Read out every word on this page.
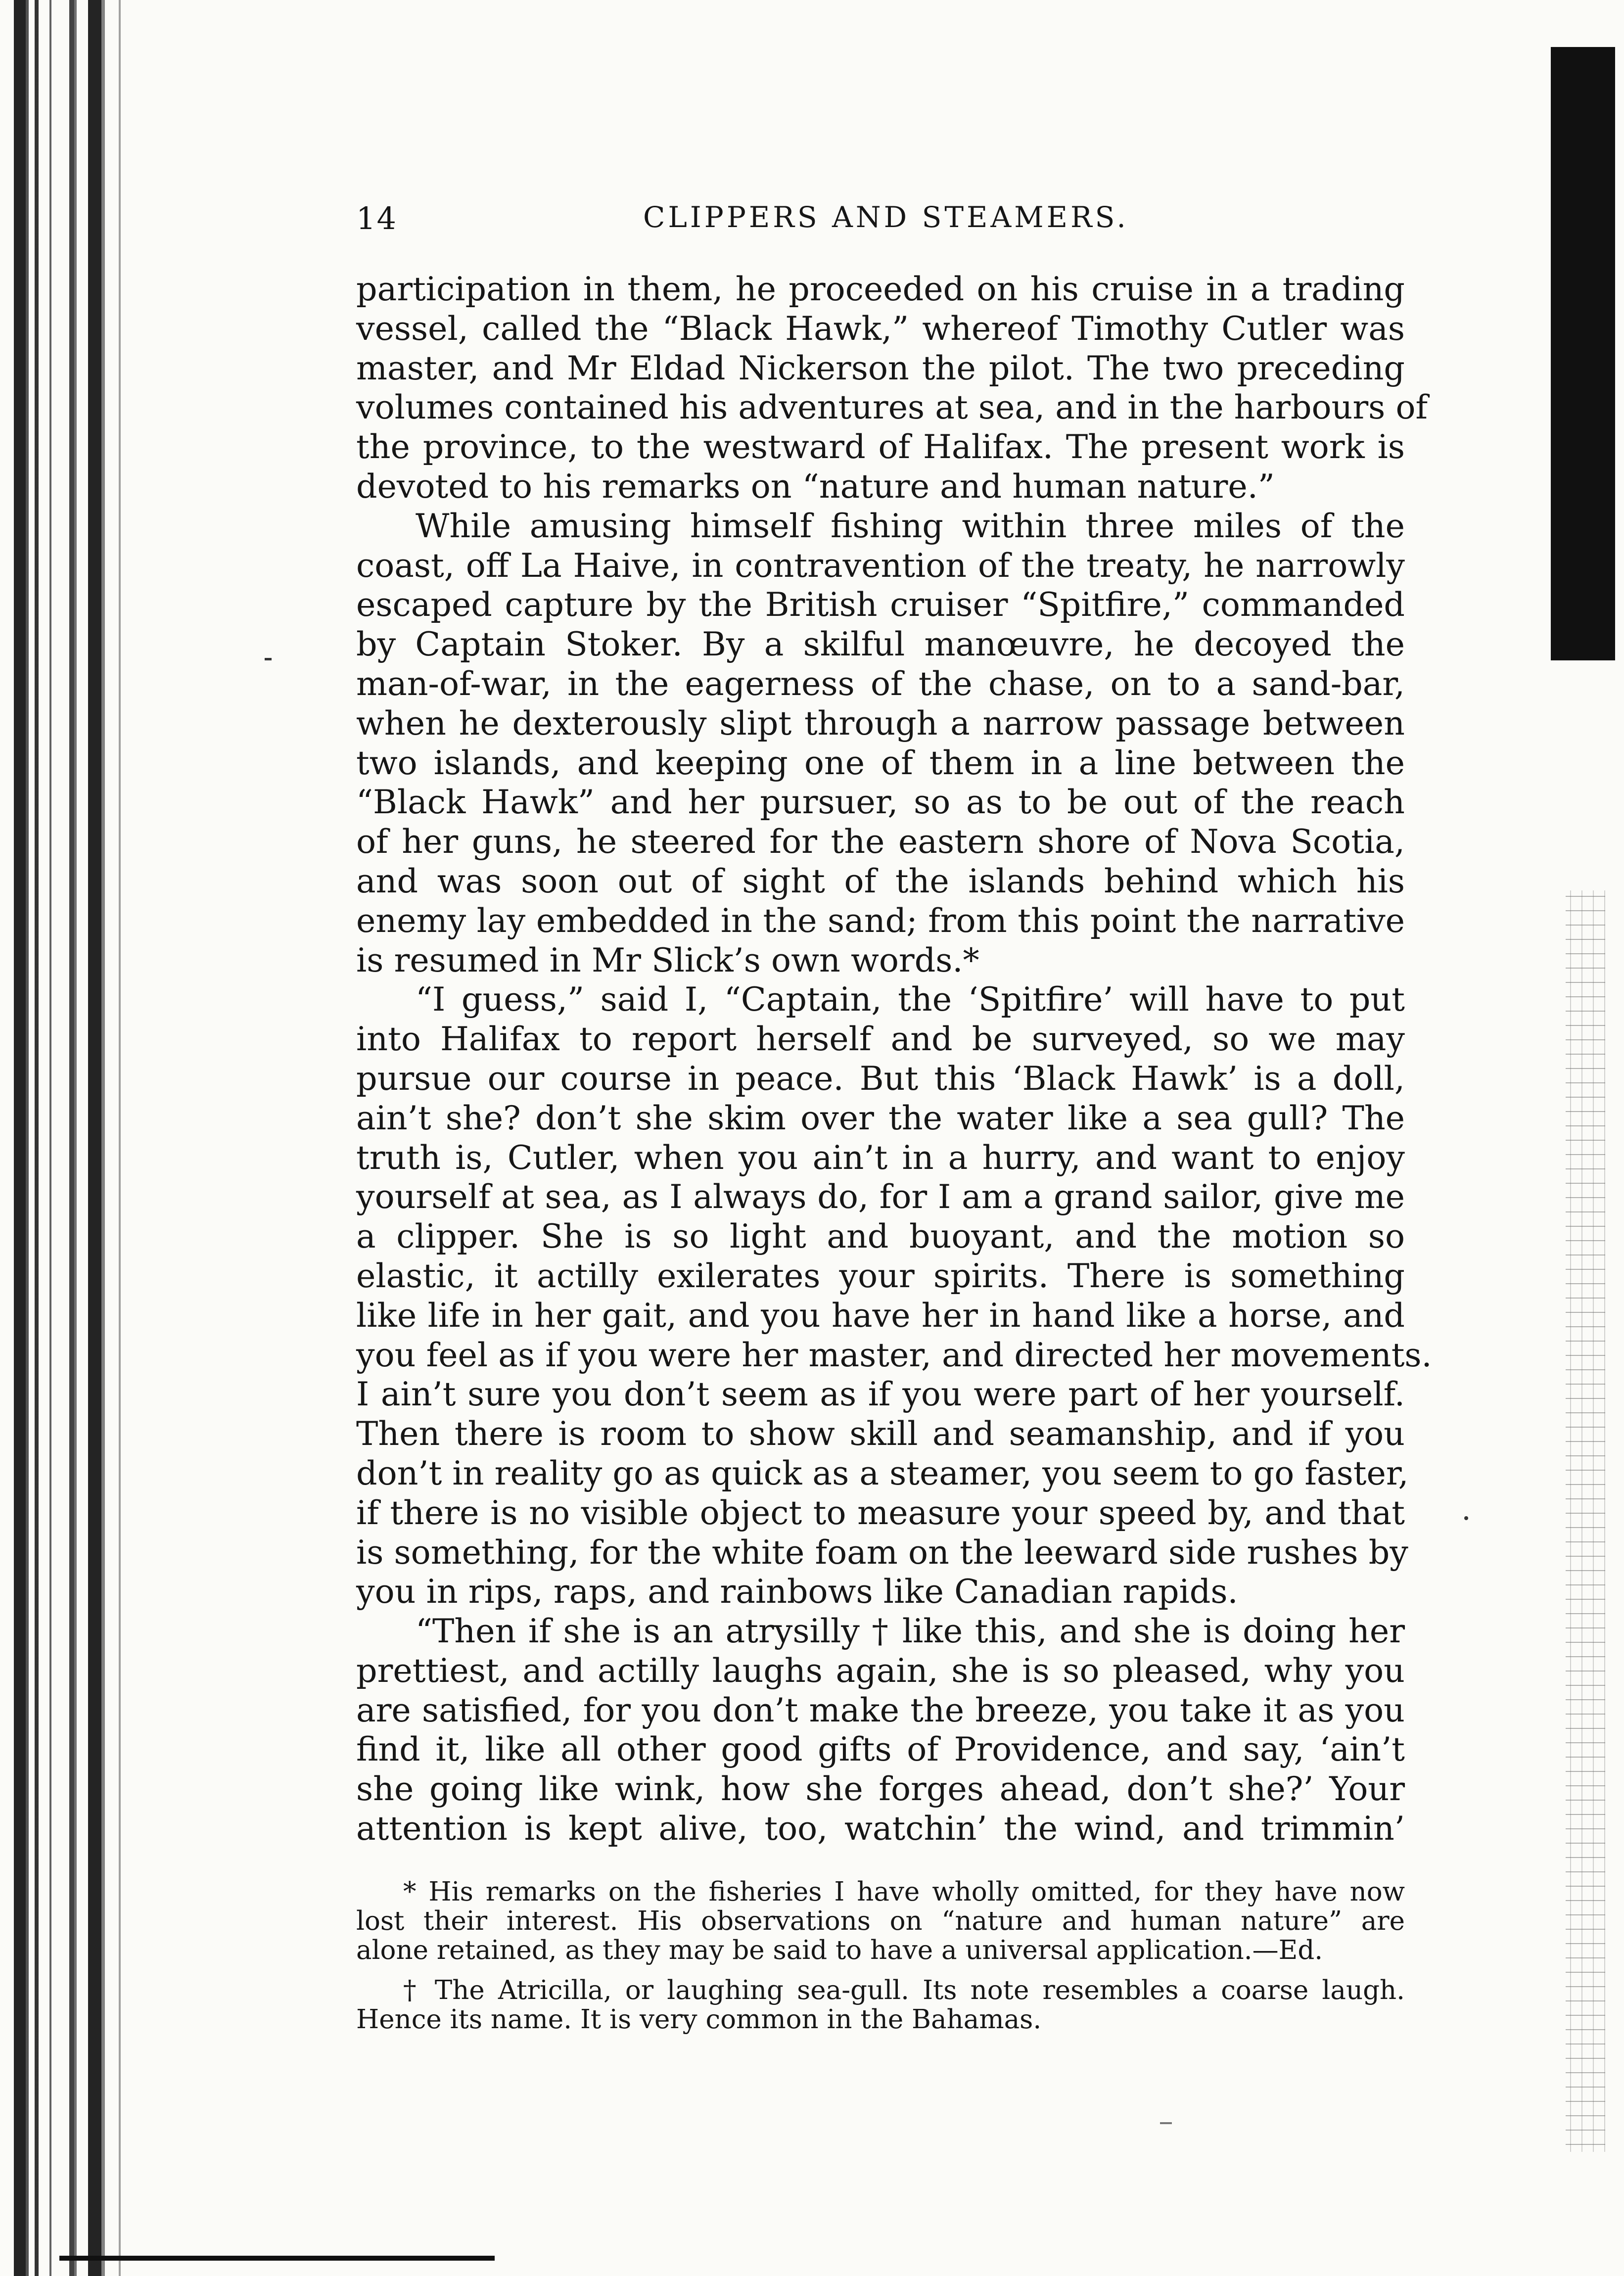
14	CLIPPERS AND STEAMERS.
participation in them, he proceeded on his cruise in a trading
vessel, called the “Black Hawk,” whereof Timothy Cutler was
master, and Mr Eldad Nickerson the pilot. The two preceding
volumes contained his adventures at sea, and in the harbours of
the province, to the westward of Halifax. The present work is
devoted to his remarks on “nature and human nature.”
While amusing himself fishing within three miles of the
coast, off La Haive, in contravention of the treaty, he narrowly
escaped capture by the British cruiser “Spitfire,” commanded
by Captain Stoker. By a skilful manœuvre, he decoyed the
man-of-war, in the eagerness of the chase, on to a sand-bar,
when he dexterously slipt through a narrow passage between
two islands, and keeping one of them in a line between the
“Black Hawk” and her pursuer, so as to be out of the reach
of her guns, he steered for the eastern shore of Nova Scotia,
and was soon out of sight of the islands behind which his
enemy lay embedded in the sand; from this point the narrative
is resumed in Mr Slick’s own words.*
“I guess,” said I, “Captain, the ‘Spitfire’ will have to put
into Halifax to report herself and be surveyed, so we may
pursue our course in peace. But this ‘Black Hawk’ is a doll,
ain’t she? don’t she skim over the water like a sea gull? The
truth is, Cutler, when you ain’t in a hurry, and want to enjoy
yourself at sea, as I always do, for I am a grand sailor, give me
a clipper. She is so light and buoyant, and the motion so
elastic, it actilly exilerates your spirits. There is something
like life in her gait, and you have her in hand like a horse, and
you feel as if you were her master, and directed her movements.
I ain’t sure you don’t seem as if you were part of her yourself.
Then there is room to show skill and seamanship, and if you
don’t in reality go as quick as a steamer, you seem to go faster,
if there is no visible object to measure your speed by, and that
is something, for the white foam on the leeward side rushes by
you in rips, raps, and rainbows like Canadian rapids.
“Then if she is an atrysilly † like this, and she is doing her
prettiest, and actilly laughs again, she is so pleased, why you
are satisfied, for you don’t make the breeze, you take it as you
find it, like all other good gifts of Providence, and say, ‘ain’t
she going like wink, how she forges ahead, don’t she?’ Your
attention is kept alive, too, watchin’ the wind, and trimmin’
* His remarks on the fisheries I have wholly omitted, for they have now
lost their interest. His observations on “nature and human nature” are
alone retained, as they may be said to have a universal application.—Ed.
† The Atricilla, or laughing sea-gull. Its note resembles a coarse laugh.
Hence its name. It is very common in the Bahamas.
